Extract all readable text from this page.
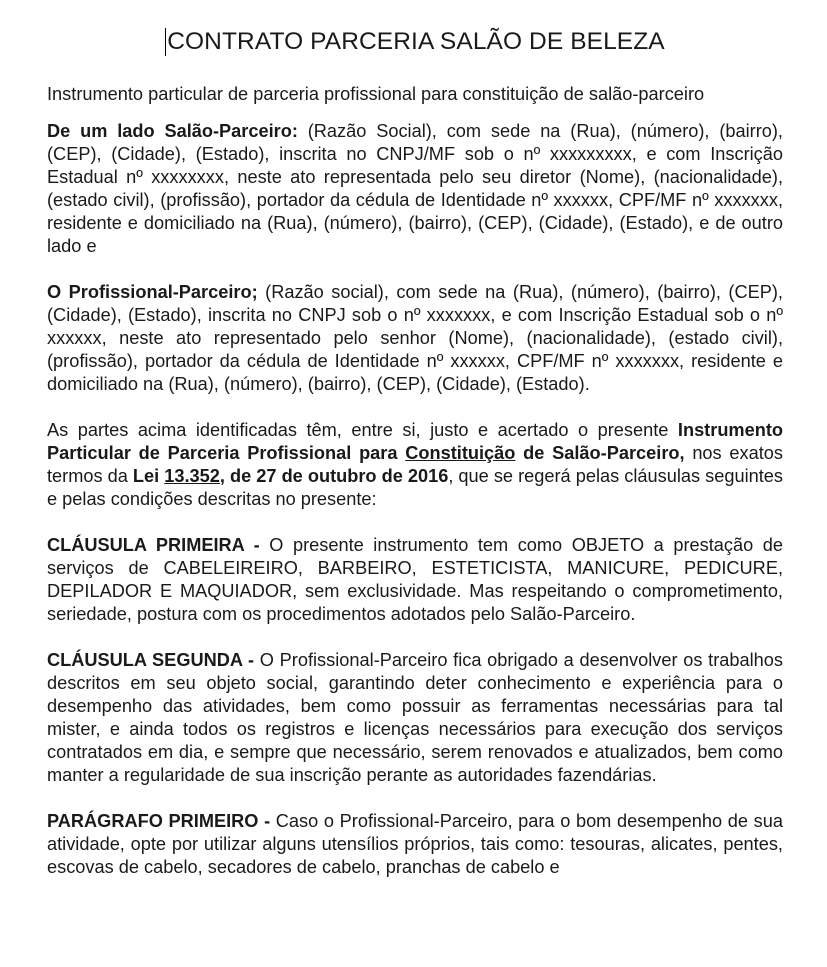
CONTRATO PARCERIA SALÃO DE BELEZA

Instrumento particular de parceria profissional para constituição de salão-parceiro

De um lado Salão-Parceiro: (Razão Social), com sede na (Rua), (número), (bairro), (CEP), (Cidade), (Estado), inscrita no CNPJ/MF sob o nº xxxxxxxxx, e com Inscrição Estadual nº xxxxxxxx, neste ato representada pelo seu diretor (Nome), (nacionalidade), (estado civil), (profissão), portador da cédula de Identidade nº xxxxxx, CPF/MF nº xxxxxxx, residente e domiciliado na (Rua), (número), (bairro), (CEP), (Cidade), (Estado), e de outro lado e

O Profissional-Parceiro; (Razão social), com sede na (Rua), (número), (bairro), (CEP), (Cidade), (Estado), inscrita no CNPJ sob o nº xxxxxxx, e com Inscrição Estadual sob o nº xxxxxx, neste ato representado pelo senhor (Nome), (nacionalidade), (estado civil), (profissão), portador da cédula de Identidade nº xxxxxx, CPF/MF nº xxxxxxx, residente e domiciliado na (Rua), (número), (bairro), (CEP), (Cidade), (Estado).

As partes acima identificadas têm, entre si, justo e acertado o presente Instrumento Particular de Parceria Profissional para Constituição de Salão-Parceiro, nos exatos termos da Lei 13.352, de 27 de outubro de 2016, que se regerá pelas cláusulas seguintes e pelas condições descritas no presente:

CLÁUSULA PRIMEIRA - O presente instrumento tem como OBJETO a prestação de serviços de CABELEIREIRO, BARBEIRO, ESTETICISTA, MANICURE, PEDICURE, DEPILADOR E MAQUIADOR, sem exclusividade. Mas respeitando o comprometimento, seriedade, postura com os procedimentos adotados pelo Salão-Parceiro.

CLÁUSULA SEGUNDA - O Profissional-Parceiro fica obrigado a desenvolver os trabalhos descritos em seu objeto social, garantindo deter conhecimento e experiência para o desempenho das atividades, bem como possuir as ferramentas necessárias para tal mister, e ainda todos os registros e licenças necessários para execução dos serviços contratados em dia, e sempre que necessário, serem renovados e atualizados, bem como manter a regularidade de sua inscrição perante as autoridades fazendárias.

PARÁGRAFO PRIMEIRO - Caso o Profissional-Parceiro, para o bom desempenho de sua atividade, opte por utilizar alguns utensílios próprios, tais como: tesouras, alicates, pentes, escovas de cabelo, secadores de cabelo, pranchas de cabelo e
